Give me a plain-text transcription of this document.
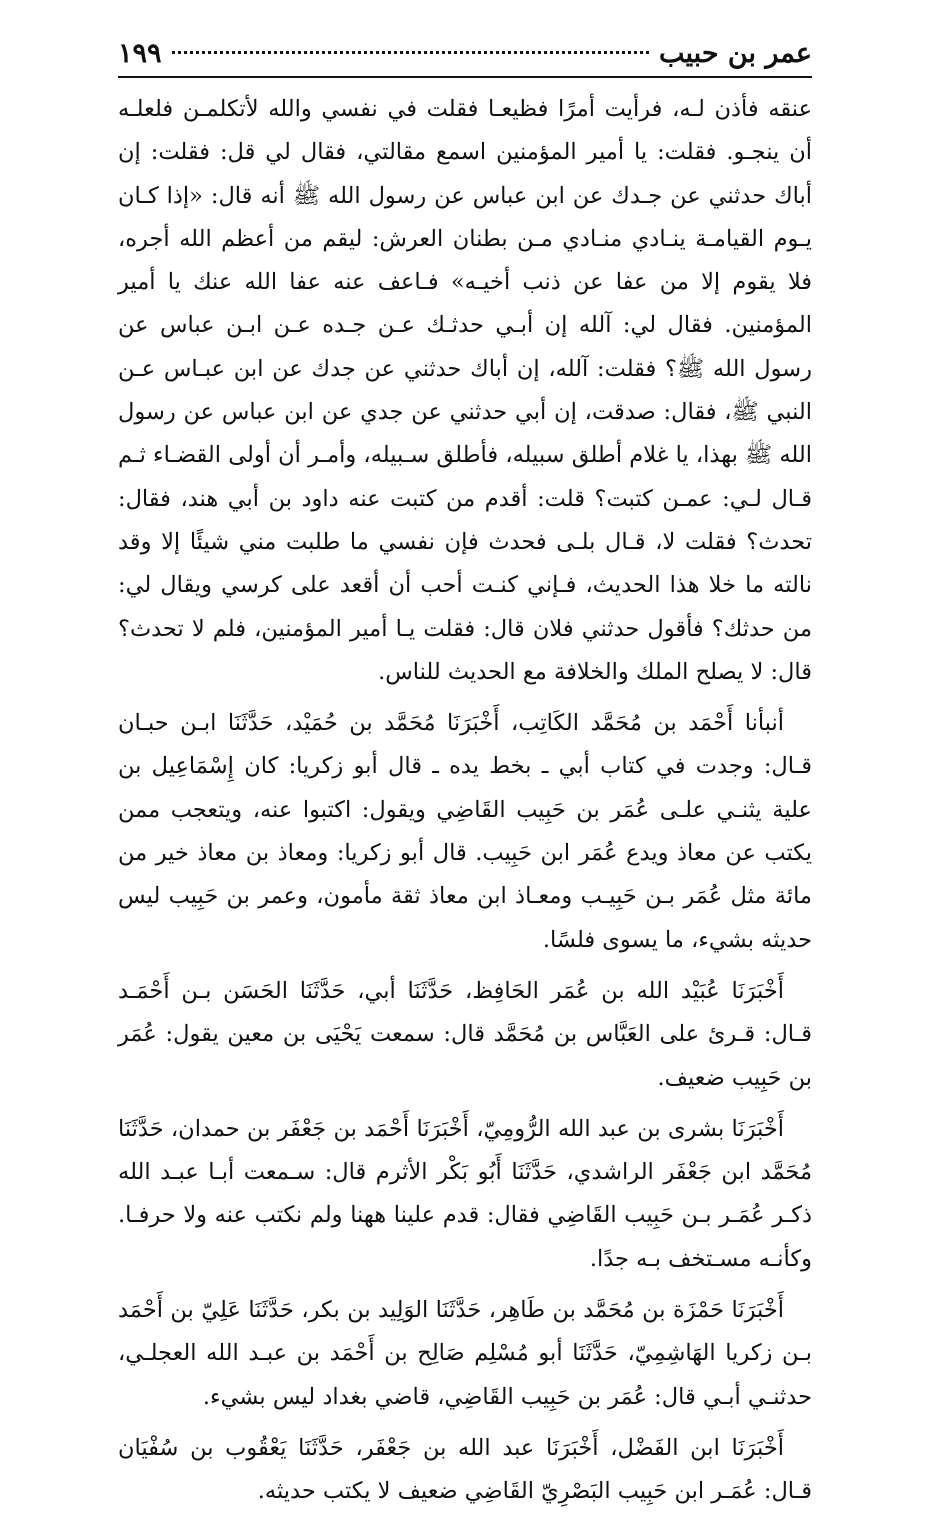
عمر بن حبيب
١٩٩

عنقه فأذن لـه، فرأيت أمرًا فظيعـا فقلت في نفسي والله لأتكلمـن فلعلـه أن ينجـو. فقلت: يا أمير المؤمنين اسمع مقالتي، فقال لي قل: فقلت: إن أباك حدثني عن جـدك عن ابن عباس عن رسول الله ﷺ أنه قال: «إذا كـان يـوم القيامـة ينـادي منـادي مـن بطنان العرش: ليقم من أعظم الله أجره، فلا يقوم إلا من عفا عن ذنب أخيـه» فـاعف عنه عفا الله عنك يا أمير المؤمنين. فقال لي: آلله إن أبـي حدثـك عـن جـده عـن ابـن عباس عن رسول الله ﷺ؟ فقلت: آلله، إن أباك حدثني عن جدك عن ابن عبـاس عـن النبي ﷺ، فقال: صدقت، إن أبي حدثني عن جدي عن ابن عباس عن رسول الله ﷺ بهذا، يا غلام أطلق سبيله، فأطلق سـبيله، وأمـر أن أولى القضـاء ثـم قـال لـي: عمـن كتبت؟ قلت: أقدم من كتبت عنه داود بن أبي هند، فقال: تحدث؟ فقلت لا، قـال بلـى فحدث فإن نفسي ما طلبت مني شيئًا إلا وقد نالته ما خلا هذا الحديث، فـإني كنـت أحب أن أقعد على كرسي ويقال لي: من حدثك؟ فأقول حدثني فلان قال: فقلت يـا أمير المؤمنين، فلم لا تحدث؟ قال: لا يصلح الملك والخلافة مع الحديث للناس.

أنبأنا أَحْمَد بن مُحَمَّد الكَاتِب، أَخْبَرَنَا مُحَمَّد بن حُمَيْد، حَدَّثَنَا ابـن حبـان قـال: وجدت في كتاب أبي ـ بخط يده ـ قال أبو زكريا: كان إِسْمَاعِيل بن علية يثنـي علـى عُمَر بن حَبِيب القَاضِي ويقول: اكتبوا عنه، ويتعجب ممن يكتب عن معاذ ويدع عُمَر ابن حَبِيب. قال أبو زكريا: ومعاذ بن معاذ خير من مائة مثل عُمَر بـن حَبِيـب ومعـاذ ابن معاذ ثقة مأمون، وعمر بن حَبِيب ليس حديثه بشيء، ما يسوى فلسًا.

أَخْبَرَنَا عُبَيْد الله بن عُمَر الحَافِظ، حَدَّثَنَا أبي، حَدَّثَنَا الحَسَن بـن أَحْمَـد قـال: قـرئ على العَبَّاس بن مُحَمَّد قال: سمعت يَحْيَى بن معين يقول: عُمَر بن حَبِيب ضعيف.

أَخْبَرَنَا بشرى بن عبد الله الرُّومِيّ، أَخْبَرَنَا أَحْمَد بن جَعْفَر بن حمدان، حَدَّثَنَا مُحَمَّد ابن جَعْفَر الراشدي، حَدَّثَنَا أَبُو بَكْر الأثرم قال: سـمعت أبـا عبـد الله ذكـر عُمَـر بـن حَبِيب القَاضِي فقال: قدم علينا ههنا ولم نكتب عنه ولا حرفـا. وكأنـه مسـتخف بـه جدًا.

أَخْبَرَنَا حَمْزَة بن مُحَمَّد بن طَاهِر، حَدَّثَنَا الوَلِيد بن بكر، حَدَّثَنَا عَلِيّ بن أَحْمَد بـن زكريا الهَاشِمِيّ، حَدَّثَنَا أبو مُسْلِم صَالِح بن أَحْمَد بن عبـد الله العجلـي، حدثنـي أبـي قال: عُمَر بن حَبِيب القَاضِي، قاضي بغداد ليس بشيء.

أَخْبَرَنَا ابن الفَضْل، أَخْبَرَنَا عبد الله بن جَعْفَر، حَدَّثَنَا يَعْقُوب بن سُفْيَان قـال: عُمَـر ابن حَبِيب البَصْرِيّ القَاضِي ضعيف لا يكتب حديثه.
